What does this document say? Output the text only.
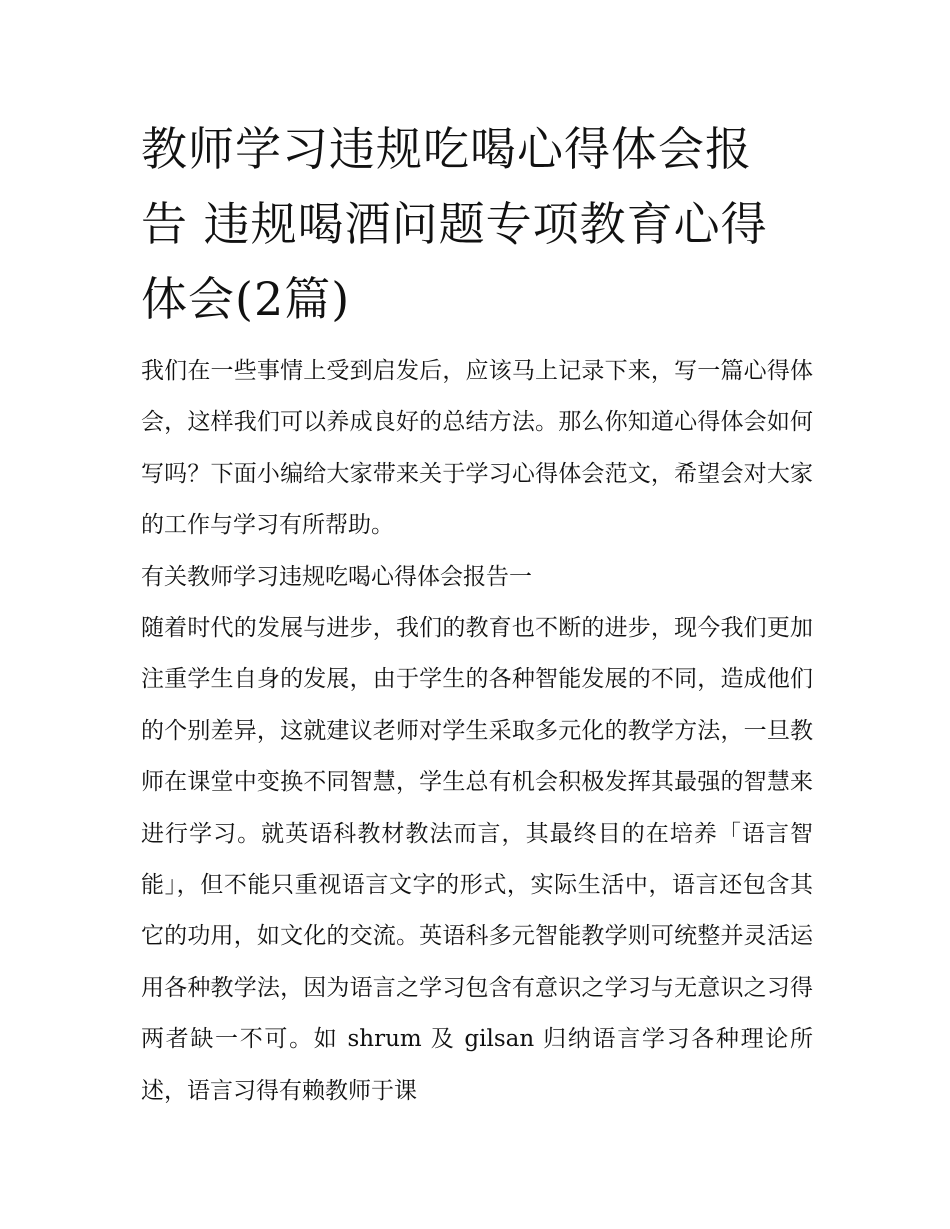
教师学习违规吃喝心得体会报
告 违规喝酒问题专项教育心得
体会(2篇)

我们在一些事情上受到启发后，应该马上记录下来，写一篇心得体会，这样我们可以养成良好的总结方法。那么你知道心得体会如何写吗？下面小编给大家带来关于学习心得体会范文，希望会对大家的工作与学习有所帮助。

有关教师学习违规吃喝心得体会报告一

随着时代的发展与进步，我们的教育也不断的进步，现今我们更加注重学生自身的发展，由于学生的各种智能发展的不同，造成他们的个别差异，这就建议老师对学生采取多元化的教学方法，一旦教师在课堂中变换不同智慧，学生总有机会积极发挥其最强的智慧来进行学习。就英语科教材教法而言，其最终目的在培养「语言智能」，但不能只重视语言文字的形式，实际生活中，语言还包含其它的功用，如文化的交流。英语科多元智能教学则可统整并灵活运用各种教学法，因为语言之学习包含有意识之学习与无意识之习得两者缺一不可。如 shrum 及 gilsan 归纳语言学习各种理论所述，语言习得有赖教师于课
